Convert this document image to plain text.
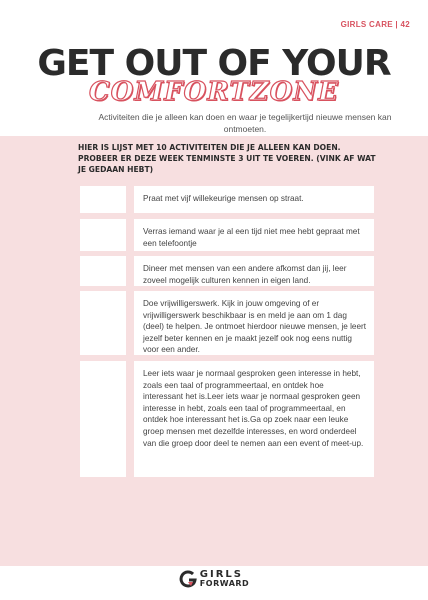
GIRLS CARE | 42
GET OUT OF YOUR
COMFORTZONE
Activiteiten die je alleen kan doen en waar je tegelijkertijd nieuwe mensen kan ontmoeten.
HIER IS LIJST MET 10 ACTIVITEITEN DIE JE ALLEEN KAN DOEN. PROBEER ER DEZE WEEK TENMINSTE 3 UIT TE VOEREN. (VINK AF WAT JE GEDAAN HEBT)
Praat met vijf willekeurige mensen op straat.
Verras iemand waar je al een tijd niet mee hebt gepraat met een telefoontje
Dineer met mensen van een andere afkomst dan jij, leer zoveel mogelijk culturen kennen in eigen land.
Doe vrijwilligerswerk. Kijk in jouw omgeving of er vrijwilligerswerk beschikbaar is en meld je aan om 1 dag (deel) te helpen. Je ontmoet hierdoor nieuwe mensen, je leert jezelf beter kennen en je maakt jezelf ook nog eens nuttig voor een ander.
Leer iets waar je normaal gesproken geen interesse in hebt, zoals een taal of programmeertaal, en ontdek hoe interessant het is.Leer iets waar je normaal gesproken geen interesse in hebt, zoals een taal of programmeertaal, en ontdek hoe interessant het is.Ga op zoek naar een leuke groep mensen met dezelfde interesses, en word onderdeel van die groep door deel te nemen aan een event of meet-up.
GIRLS
FORWARD
